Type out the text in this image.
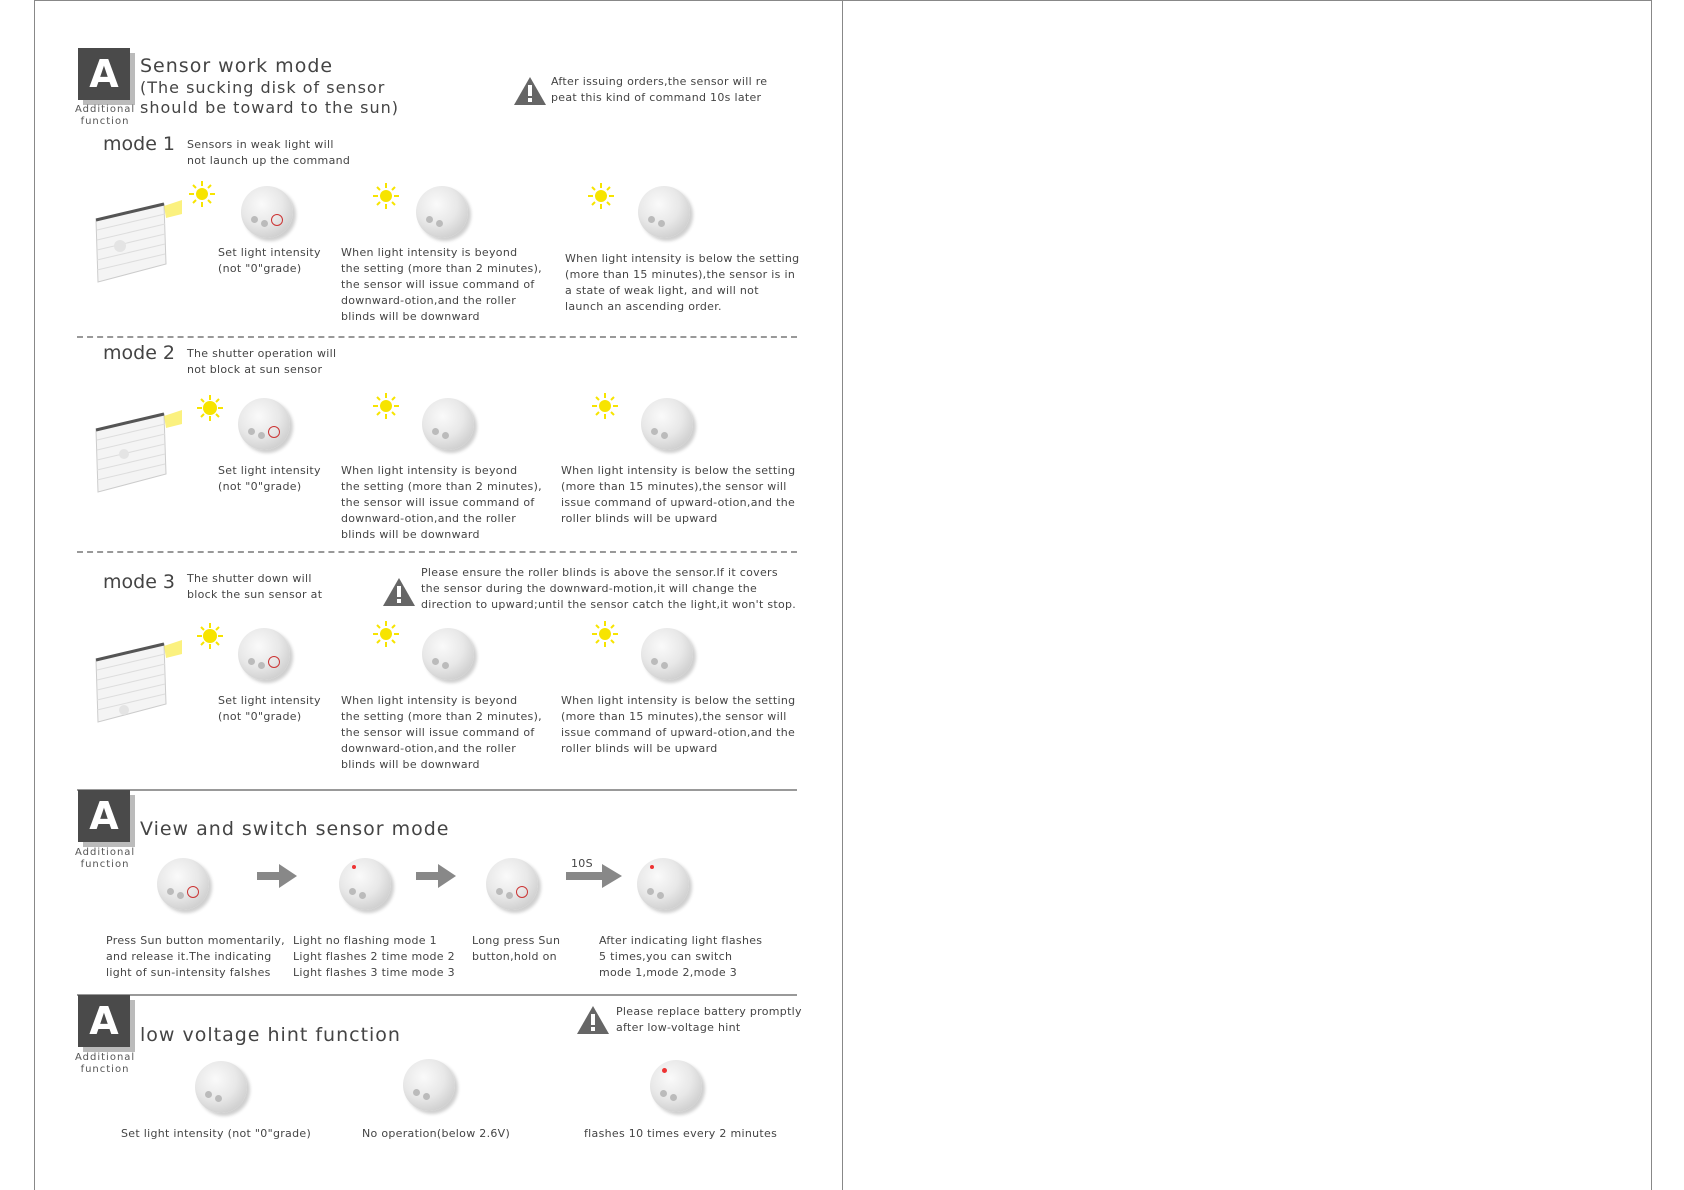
A
Additional
function
Sensor work mode
(The sucking disk of sensor
should be toward to the sun)
After issuing orders,the sensor will re
peat this kind of command 10s later
mode 1 Sensors in weak light will
not launch up the command
Set light intensity
(not "0"grade)
When light intensity is beyond
the setting (more than 2 minutes),
the sensor will issue command of
downward-otion,and the roller
blinds will be downward
When light intensity is below the setting
(more than 15 minutes),the sensor is in
a state of weak light, and will not
launch an ascending order.
mode 2 The shutter operation will
not block at sun sensor
Set light intensity
(not "0"grade)
When light intensity is beyond
the setting (more than 2 minutes),
the sensor will issue command of
downward-otion,and the roller
blinds will be downward
When light intensity is below the setting
(more than 15 minutes),the sensor will
issue command of upward-otion,and the
roller blinds will be upward
mode 3 The shutter down will
block the sun sensor at
Please ensure the roller blinds is above the sensor.If it covers
the sensor during the downward-motion,it will change the
direction to upward;until the sensor catch the light,it won't stop.
Set light intensity
(not "0"grade)
When light intensity is beyond
the setting (more than 2 minutes),
the sensor will issue command of
downward-otion,and the roller
blinds will be downward
When light intensity is below the setting
(more than 15 minutes),the sensor will
issue command of upward-otion,and the
roller blinds will be upward
A
Additional
function
View and switch sensor mode
10S
Press Sun button momentarily,
and release it.The indicating
light of sun-intensity falshes
Light no flashing mode 1
Light flashes 2 time mode 2
Light flashes 3 time mode 3
Long press Sun
button,hold on
After indicating light flashes
5 times,you can switch
mode 1,mode 2,mode 3
A
Additional
function
low voltage hint function
Please replace battery promptly
after low-voltage hint
Set light intensity (not "0"grade)	No operation(below 2.6V)	flashes 10 times every 2 minutes
